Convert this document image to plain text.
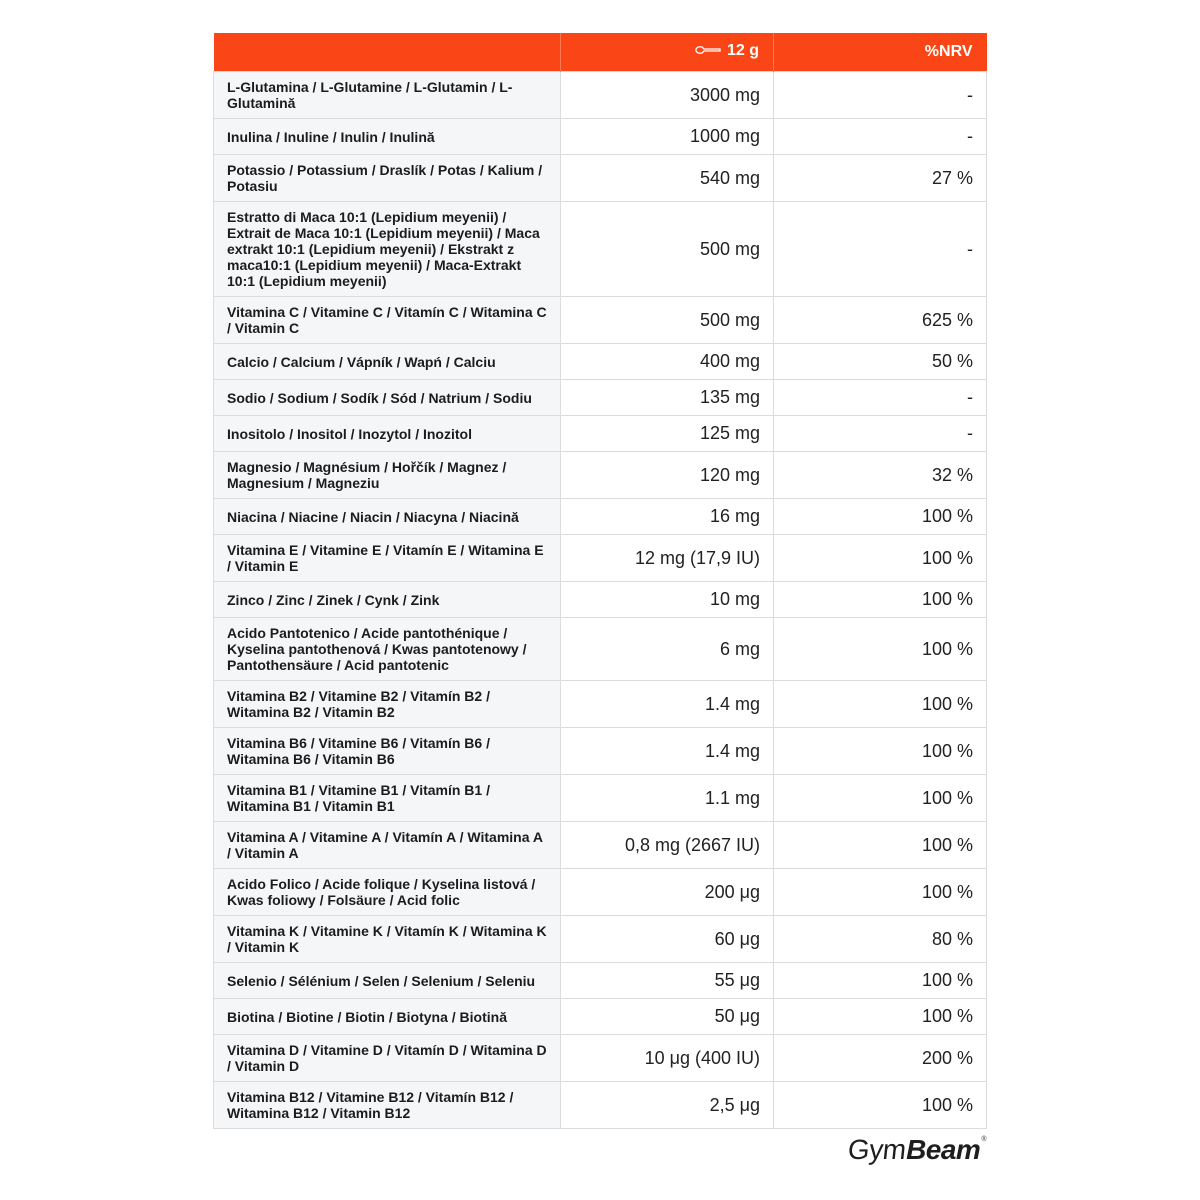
	12 g	%NRV
L-Glutamina / L-Glutamine / L-Glutamin / L-Glutamină	3000 mg	-
Inulina / Inuline / Inulin / Inulină	1000 mg	-
Potassio / Potassium / Draslík / Potas / Kalium / Potasiu	540 mg	27 %
Estratto di Maca 10:1 (Lepidium meyenii) / Extrait de Maca 10:1 (Lepidium meyenii) / Maca extrakt 10:1 (Lepidium meyenii) / Ekstrakt z maca10:1 (Lepidium meyenii) / Maca-Extrakt 10:1 (Lepidium meyenii)	500 mg	-
Vitamina C / Vitamine C / Vitamín C / Witamina C / Vitamin C	500 mg	625 %
Calcio / Calcium / Vápník / Wapń / Calciu	400 mg	50 %
Sodio / Sodium / Sodík / Sód / Natrium / Sodiu	135 mg	-
Inositolo / Inositol / Inozytol / Inozitol	125 mg	-
Magnesio / Magnésium / Hořčík / Magnez / Magnesium / Magneziu	120 mg	32 %
Niacina / Niacine / Niacin / Niacyna / Niacină	16 mg	100 %
Vitamina E / Vitamine E / Vitamín E / Witamina E / Vitamin E	12 mg (17,9 IU)	100 %
Zinco / Zinc / Zinek / Cynk / Zink	10 mg	100 %
Acido Pantotenico / Acide pantothénique / Kyselina pantothenová / Kwas pantotenowy / Pantothensäure / Acid pantotenic	6 mg	100 %
Vitamina B2 / Vitamine B2 / Vitamín B2 / Witamina B2 / Vitamin B2	1.4 mg	100 %
Vitamina B6 / Vitamine B6 / Vitamín B6 / Witamina B6 / Vitamin B6	1.4 mg	100 %
Vitamina B1 / Vitamine B1 / Vitamín B1 / Witamina B1 / Vitamin B1	1.1 mg	100 %
Vitamina A / Vitamine A / Vitamín A / Witamina A / Vitamin A	0,8 mg (2667 IU)	100 %
Acido Folico / Acide folique / Kyselina listová / Kwas foliowy / Folsäure / Acid folic	200 μg	100 %
Vitamina K / Vitamine K / Vitamín K / Witamina K / Vitamin K	60 μg	80 %
Selenio / Sélénium / Selen / Selenium / Seleniu	55 μg	100 %
Biotina / Biotine / Biotin / Biotyna / Biotină	50 μg	100 %
Vitamina D / Vitamine D / Vitamín D / Witamina D / Vitamin D	10 μg (400 IU)	200 %
Vitamina B12 / Vitamine B12 / Vitamín B12 / Witamina B12 / Vitamin B12	2,5 μg	100 %
Gym
Beam ®
